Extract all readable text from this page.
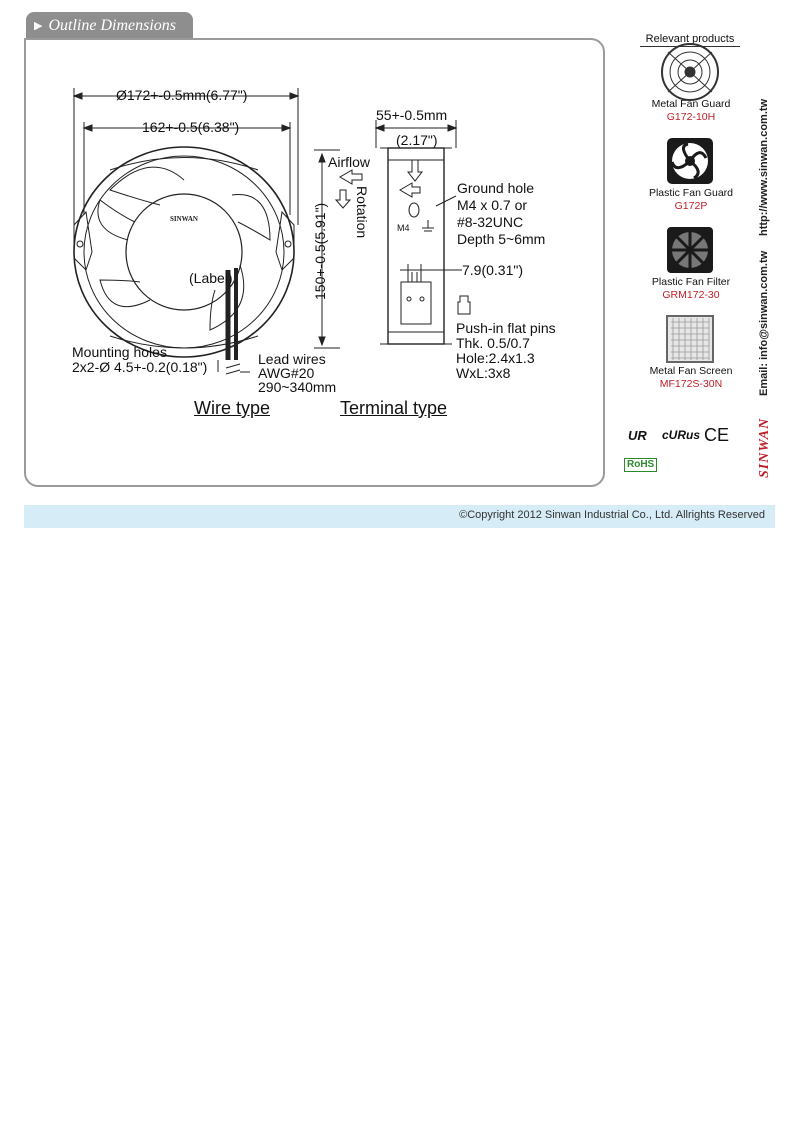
▶ Outline Dimensions
SINWAN
Ø172+-0.5mm(6.77")
162+-0.5(6.38")
(Label)	150+-0.5(5.91")
Airflow
Rotation
55+-0.5mm
(2.17")
Ground hole
M4 x 0.7 or
#8-32UNC
Depth 5~6mm
M4
7.9(0.31")
Push-in flat pins
Thk. 0.5/0.7
Hole:2.4x1.3
WxL:3x8
Mounting holes
2x2-Ø 4.5+-0.2(0.18")	Lead wires
AWG#20
290~340mm
Wire type	Terminal type
Relevant products
Metal Fan Guard
G172-10H
Plastic Fan Guard
G172P
Plastic Fan Filter
GRM172-30
Metal Fan Screen
MF172S-30N
UR cURus CE
RoHS
http://www.sinwan.com.tw
Email: info@sinwan.com.tw
SINWAN
©Copyright 2012 Sinwan Industrial Co., Ltd. Allrights Reserved
